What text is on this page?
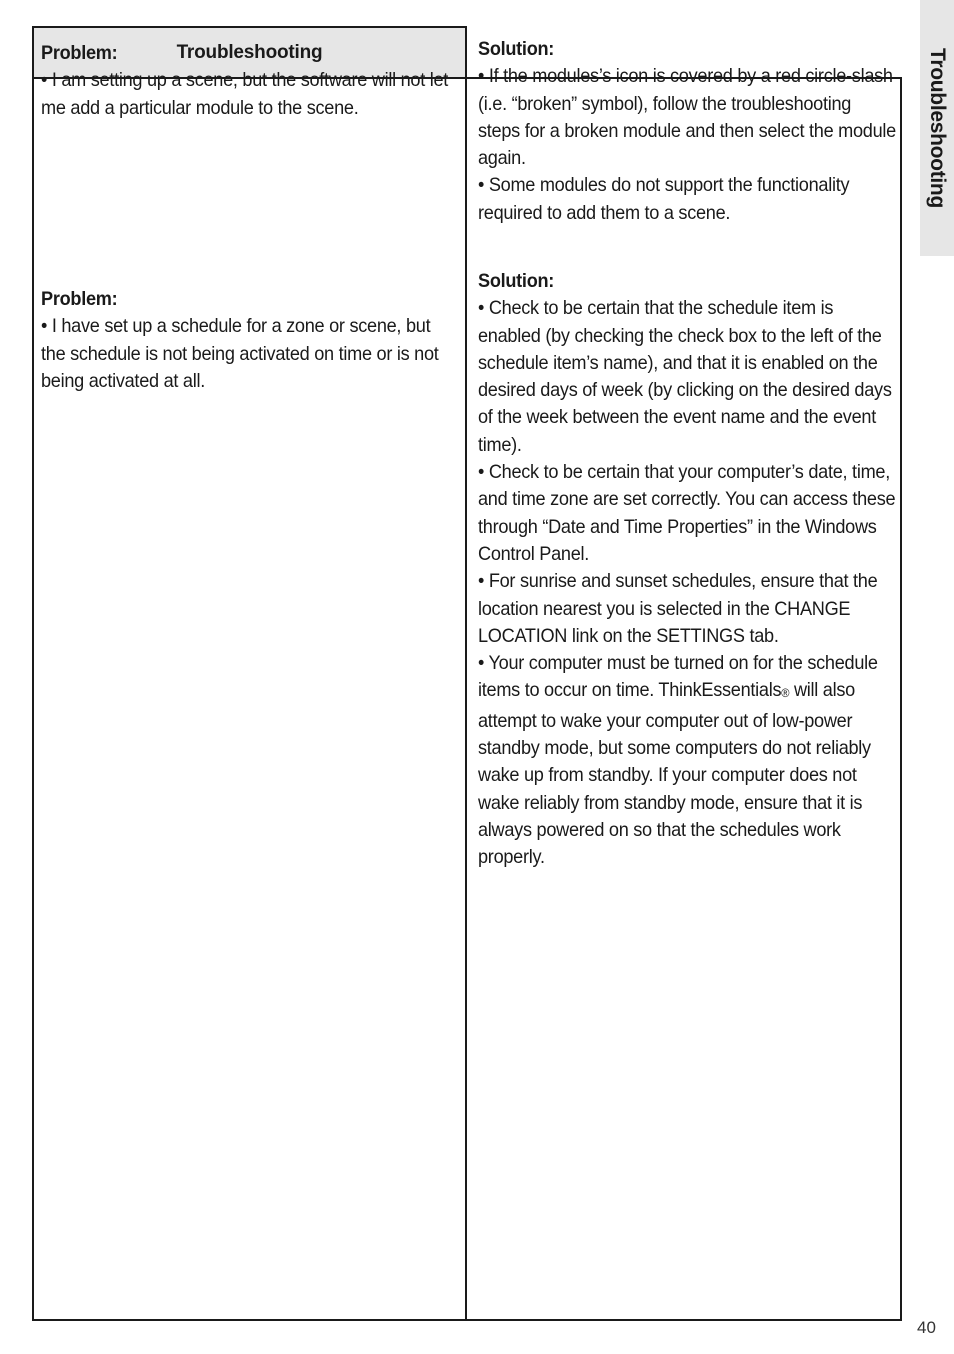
Troubleshooting
Troubleshooting

Problem:

• I am setting up a scene, but the software will not let me add a particular module to the scene.

Solution:

• If the modules’s icon is covered by a red circle-slash (i.e. “broken” symbol), follow the troubleshooting steps for a broken module and then select the module again.

• Some modules do not support the functionality required to add them to a scene.

Problem:

• I have set up a schedule for a zone or scene, but the schedule is not being activated on time or is not being activated at all.

Solution:

• Check to be certain that the schedule item is enabled (by checking the check box to the left of the schedule item’s name), and that it is enabled on the desired days of week (by clicking on the desired days of the week between the event name and the event time).

• Check to be certain that your computer’s date, time, and time zone are set correctly. You can access these through “Date and Time Properties” in the Windows Control Panel.

• For sunrise and sunset schedules, ensure that the location nearest you is selected in the CHANGE LOCATION link on the SETTINGS tab.

• Your computer must be turned on for the schedule items to occur on time. ThinkEssentials® will also attempt to wake your computer out of low-power standby mode, but some computers do not reliably wake up from standby. If your computer does not wake reliably from standby mode, ensure that it is always powered on so that the schedules work properly.

40
